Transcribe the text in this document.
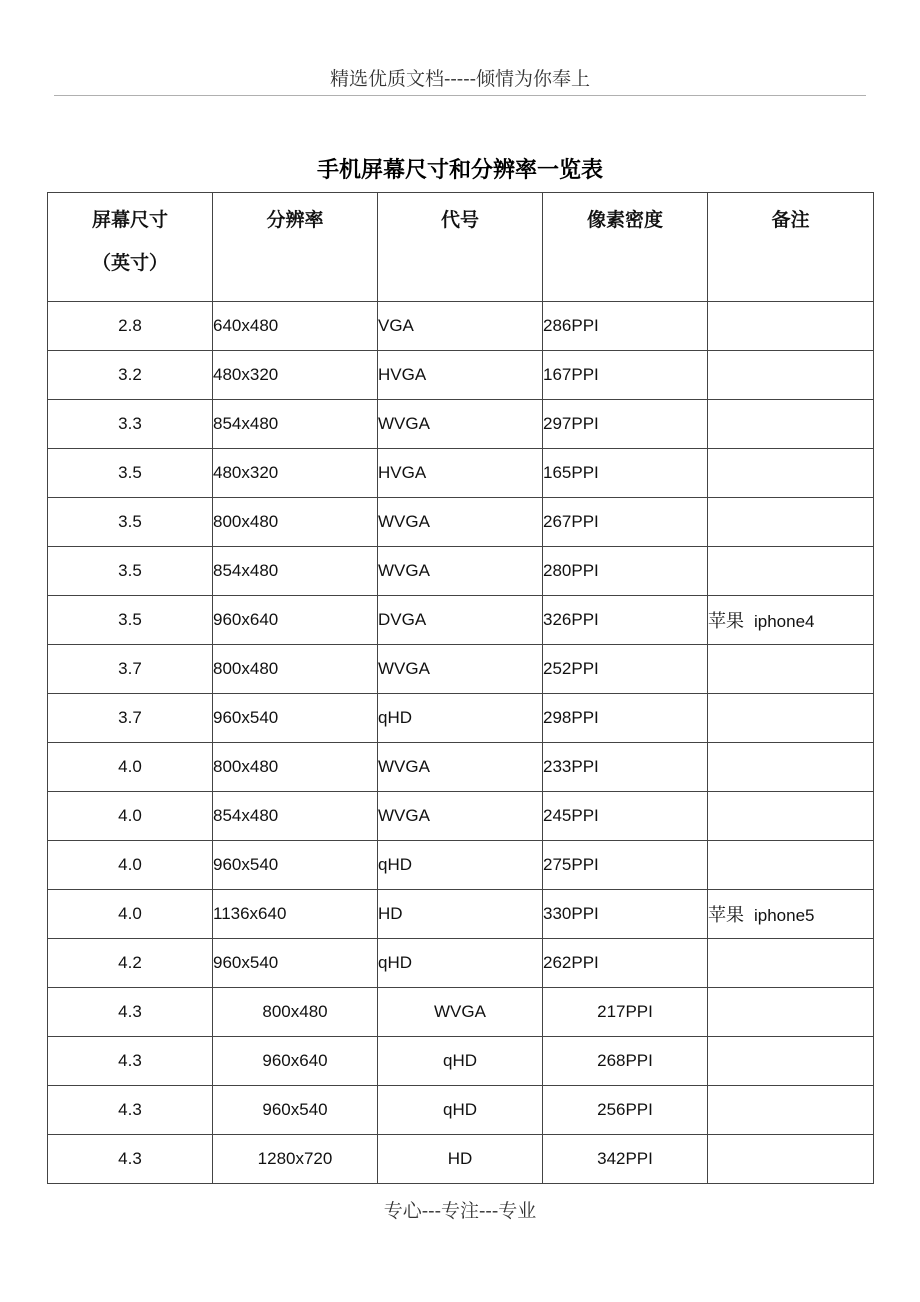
精选优质文档-----倾情为你奉上
手机屏幕尺寸和分辨率一览表
屏幕尺寸
（英寸）	分辨率	代号	像素密度	备注
2.8	640x480	VGA	286PPI	
3.2	480x320	HVGA	167PPI	
3.3	854x480	WVGA	297PPI	
3.5	480x320	HVGA	165PPI	
3.5	800x480	WVGA	267PPI	
3.5	854x480	WVGA	280PPI	
3.5	960x640	DVGA	326PPI	苹果 iphone4
3.7	800x480	WVGA	252PPI	
3.7	960x540	qHD	298PPI	
4.0	800x480	WVGA	233PPI	
4.0	854x480	WVGA	245PPI	
4.0	960x540	qHD	275PPI	
4.0	1136x640	HD	330PPI	苹果 iphone5
4.2	960x540	qHD	262PPI	
4.3	800x480	WVGA	217PPI	
4.3	960x640	qHD	268PPI	
4.3	960x540	qHD	256PPI	
4.3	1280x720	HD	342PPI	
专心---专注---专业
